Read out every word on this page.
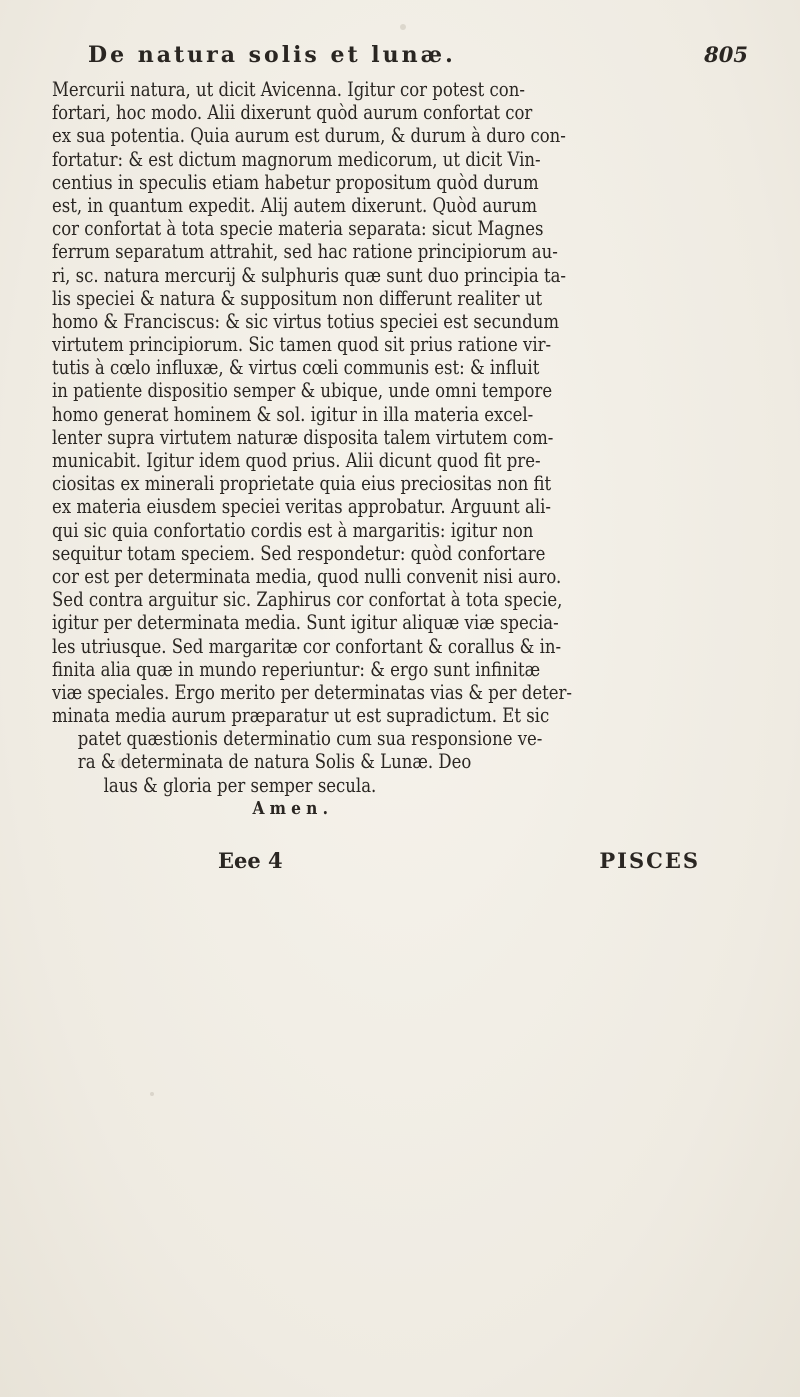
De natura solis et lunæ.	805
Mercurii natura, ut dicit Avicenna. Igitur cor potest con-
fortari, hoc modo. Alii dixerunt quòd aurum confortat cor
ex sua potentia. Quia aurum est durum, & durum à duro con-
fortatur: & est dictum magnorum medicorum, ut dicit Vin-
centius in speculis etiam habetur propositum quòd durum
est, in quantum expedit. Alij autem dixerunt. Quòd aurum
cor confortat à tota specie materia separata: sicut Magnes
ferrum separatum attrahit, sed hac ratione principiorum au-
ri, sc. natura mercurij & sulphuris quæ sunt duo principia ta-
lis speciei & natura & suppositum non differunt realiter ut
homo & Franciscus: & sic virtus totius speciei est secundum
virtutem principiorum. Sic tamen quod sit prius ratione vir-
tutis à cœlo influxæ, & virtus cœli communis est: & influit
in patiente dispositio semper & ubique, unde omni tempore
homo generat hominem & sol. igitur in illa materia excel-
lenter supra virtutem naturæ disposita talem virtutem com-
municabit. Igitur idem quod prius. Alii dicunt quod fit pre-
ciositas ex minerali proprietate quia eius preciositas non fit
ex materia eiusdem speciei veritas approbatur. Arguunt ali-
qui sic quia confortatio cordis est à margaritis: igitur non
sequitur totam speciem. Sed respondetur: quòd confortare
cor est per determinata media, quod nulli convenit nisi auro.
Sed contra arguitur sic. Zaphirus cor confortat à tota specie,
igitur per determinata media. Sunt igitur aliquæ viæ specia-
les utriusque. Sed margaritæ cor confortant & corallus & in-
finita alia quæ in mundo reperiuntur: & ergo sunt infinitæ
viæ speciales. Ergo merito per determinatas vias & per deter-
minata media aurum præparatur ut est supradictum. Et sic
patet quæstionis determinatio cum sua responsione ve-
ra & determinata de natura Solis & Lunæ. Deo
laus & gloria per semper secula.
Amen.
Eee 4	PISCES
